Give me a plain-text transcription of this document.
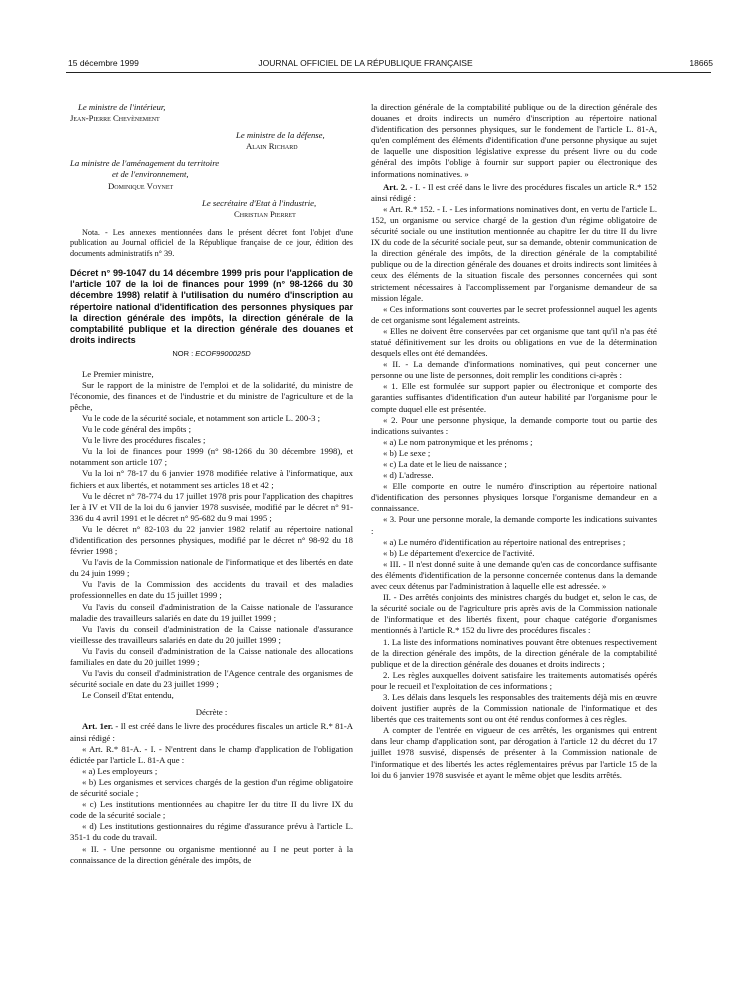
15 décembre 1999	JOURNAL OFFICIEL DE LA RÉPUBLIQUE FRANÇAISE	18665

Le ministre de l'intérieur,

Jean-Pierre Chevènement

Le ministre de la défense,

Alain Richard

La ministre de l'aménagement du territoire

et de l'environnement,

Dominique Voynet

Le secrétaire d'Etat à l'industrie,

Christian Pierret

Nota. - Les annexes mentionnées dans le présent décret font l'objet d'une publication au Journal officiel de la République française de ce jour, édition des documents administratifs n° 39.

Décret n° 99-1047 du 14 décembre 1999 pris pour l'application de l'article 107 de la loi de finances pour 1999 (n° 98-1266 du 30 décembre 1998) relatif à l'utilisation du numéro d'inscription au répertoire national d'identification des personnes physiques par la direction générale des impôts, la direction générale de la comptabilité publique et la direction générale des douanes et droits indirects

NOR : ECOF9900025D

Le Premier ministre,

Sur le rapport de la ministre de l'emploi et de la solidarité, du ministre de l'économie, des finances et de l'industrie et du ministre de l'agriculture et de la pêche,

Vu le code de la sécurité sociale, et notamment son article L. 200-3 ;

Vu le code général des impôts ;

Vu le livre des procédures fiscales ;

Vu la loi de finances pour 1999 (n° 98-1266 du 30 décembre 1998), et notamment son article 107 ;

Vu la loi n° 78-17 du 6 janvier 1978 modifiée relative à l'informatique, aux fichiers et aux libertés, et notamment ses articles 18 et 42 ;

Vu le décret n° 78-774 du 17 juillet 1978 pris pour l'application des chapitres Ier à IV et VII de la loi du 6 janvier 1978 susvisée, modifié par le décret n° 91-336 du 4 avril 1991 et le décret n° 95-682 du 9 mai 1995 ;

Vu le décret n° 82-103 du 22 janvier 1982 relatif au répertoire national d'identification des personnes physiques, modifié par le décret n° 98-92 du 18 février 1998 ;

Vu l'avis de la Commission nationale de l'informatique et des libertés en date du 24 juin 1999 ;

Vu l'avis de la Commission des accidents du travail et des maladies professionnelles en date du 15 juillet 1999 ;

Vu l'avis du conseil d'administration de la Caisse nationale de l'assurance maladie des travailleurs salariés en date du 19 juillet 1999 ;

Vu l'avis du conseil d'administration de la Caisse nationale d'assurance vieillesse des travailleurs salariés en date du 20 juillet 1999 ;

Vu l'avis du conseil d'administration de la Caisse nationale des allocations familiales en date du 20 juillet 1999 ;

Vu l'avis du conseil d'administration de l'Agence centrale des organismes de sécurité sociale en date du 23 juillet 1999 ;

Le Conseil d'Etat entendu,

Décrète :

Art. 1er. - Il est créé dans le livre des procédures fiscales un article R.* 81-A ainsi rédigé :

« Art. R.* 81-A. - I. - N'entrent dans le champ d'application de l'obligation édictée par l'article L. 81-A que :

« a) Les employeurs ;

« b) Les organismes et services chargés de la gestion d'un régime obligatoire de sécurité sociale ;

« c) Les institutions mentionnées au chapitre Ier du titre II du livre IX du code de la sécurité sociale ;

« d) Les institutions gestionnaires du régime d'assurance prévu à l'article L. 351-1 du code du travail.

« II. - Une personne ou organisme mentionné au I ne peut porter à la connaissance de la direction générale des impôts, de

la direction générale de la comptabilité publique ou de la direction générale des douanes et droits indirects un numéro d'inscription au répertoire national d'identification des personnes physiques, sur le fondement de l'article L. 81-A, qu'en complément des éléments d'identification d'une personne physique au sujet de laquelle une disposition législative expresse du présent livre ou du code général des impôts l'oblige à fournir sur support papier ou électronique des informations nominatives. »

Art. 2. - I. - Il est créé dans le livre des procédures fiscales un article R.* 152 ainsi rédigé :

« Art. R.* 152. - I. - Les informations nominatives dont, en vertu de l'article L. 152, un organisme ou service chargé de la gestion d'un régime obligatoire de sécurité sociale ou une institution mentionnée au chapitre Ier du titre II du livre IX du code de la sécurité sociale peut, sur sa demande, obtenir communication de la direction générale des impôts, de la direction générale de la comptabilité publique ou de la direction générale des douanes et droits indirects sont limitées à ceux des éléments de la situation fiscale des personnes concernées qui sont strictement nécessaires à l'accomplissement par l'organisme demandeur de sa mission légale.

« Ces informations sont couvertes par le secret professionnel auquel les agents de cet organisme sont légalement astreints.

« Elles ne doivent être conservées par cet organisme que tant qu'il n'a pas été statué définitivement sur les droits ou obligations en vue de la détermination desquels elles ont été demandées.

« II. - La demande d'informations nominatives, qui peut concerner une personne ou une liste de personnes, doit remplir les conditions ci-après :

« 1. Elle est formulée sur support papier ou électronique et comporte des garanties suffisantes d'identification d'un auteur habilité par l'organisme pour le compte duquel elle est présentée.

« 2. Pour une personne physique, la demande comporte tout ou partie des indications suivantes :

« a) Le nom patronymique et les prénoms ;

« b) Le sexe ;

« c) La date et le lieu de naissance ;

« d) L'adresse.

« Elle comporte en outre le numéro d'inscription au répertoire national d'identification des personnes physiques lorsque l'organisme demandeur en a connaissance.

« 3. Pour une personne morale, la demande comporte les indications suivantes :

« a) Le numéro d'identification au répertoire national des entreprises ;

« b) Le département d'exercice de l'activité.

« III. - Il n'est donné suite à une demande qu'en cas de concordance suffisante des éléments d'identification de la personne concernée contenus dans la demande avec ceux détenus par l'administration à laquelle elle est adressée. »

II. - Des arrêtés conjoints des ministres chargés du budget et, selon le cas, de la sécurité sociale ou de l'agriculture pris après avis de la Commission nationale de l'informatique et des libertés fixent, pour chaque catégorie d'organismes mentionnés à l'article R.* 152 du livre des procédures fiscales :

1. La liste des informations nominatives pouvant être obtenues respectivement de la direction générale des impôts, de la direction générale de la comptabilité publique et de la direction générale des douanes et droits indirects ;

2. Les règles auxquelles doivent satisfaire les traitements automatisés opérés pour le recueil et l'exploitation de ces informations ;

3. Les délais dans lesquels les responsables des traitements déjà mis en œuvre doivent justifier auprès de la Commission nationale de l'informatique et des libertés que ces traitements sont ou ont été rendus conformes à ces règles.

A compter de l'entrée en vigueur de ces arrêtés, les organismes qui entrent dans leur champ d'application sont, par dérogation à l'article 12 du décret du 17 juillet 1978 susvisé, dispensés de présenter à la Commission nationale de l'informatique et des libertés les actes réglementaires prévus par l'article 15 de la loi du 6 janvier 1978 susvisée et ayant le même objet que lesdits arrêtés.
